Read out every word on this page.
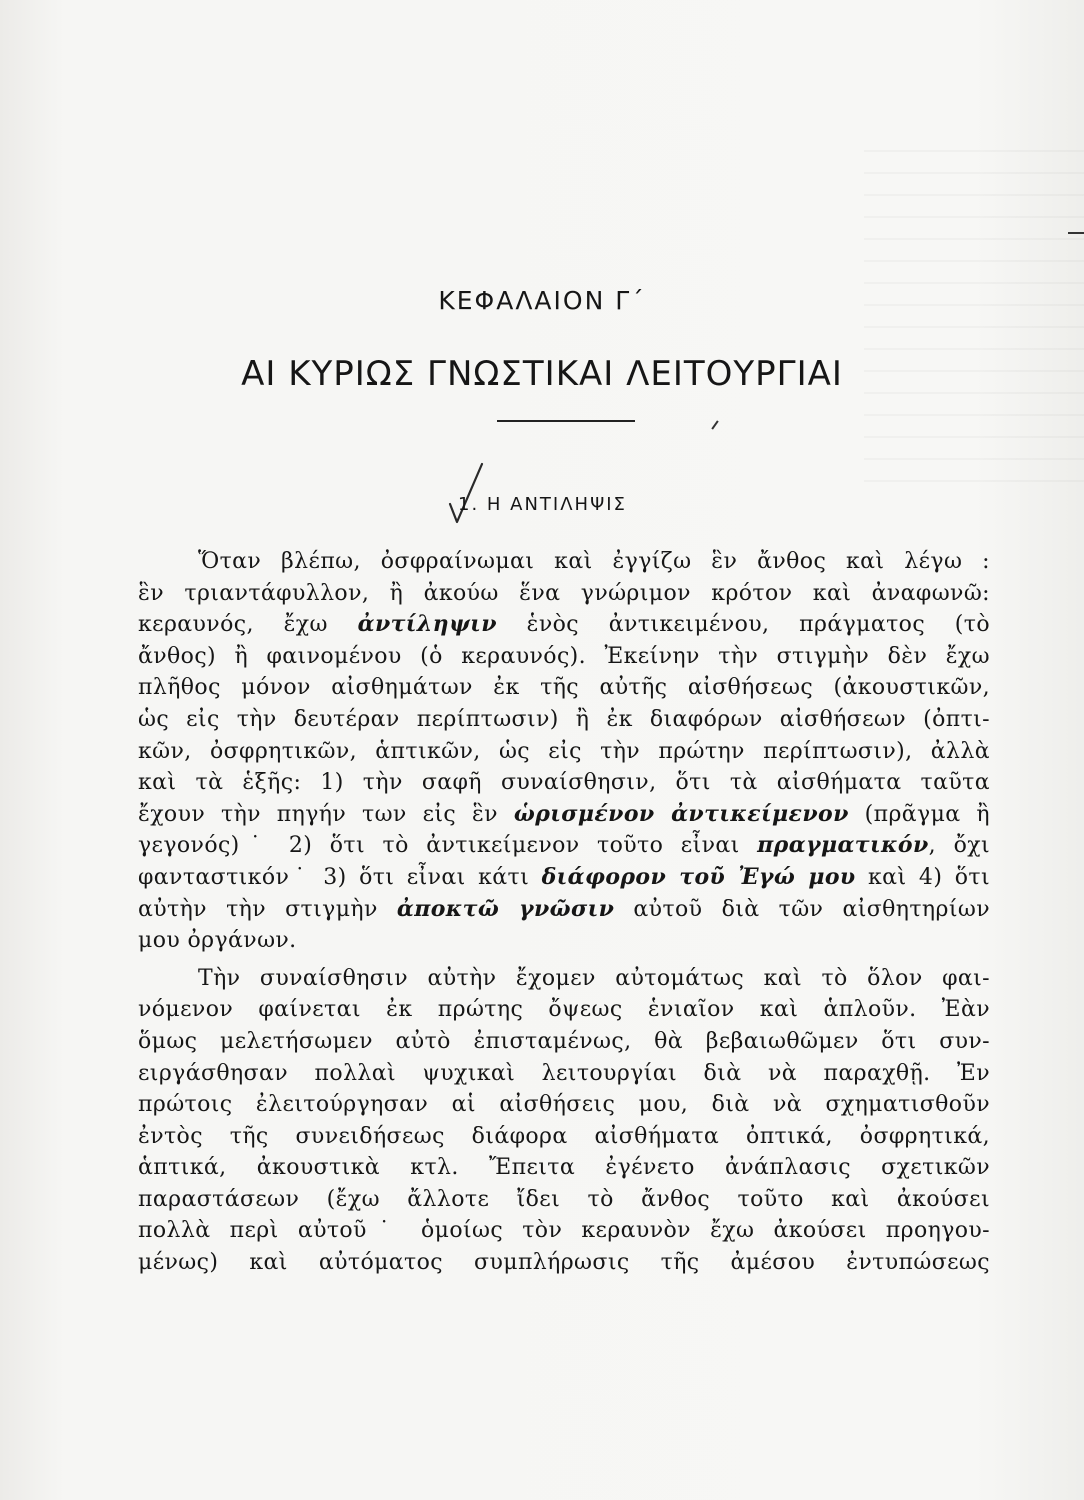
ΚΕΦΑΛΑΙΟΝ Γ΄
ΑΙ ΚΥΡΙΩΣ ΓΝΩΣΤΙΚΑΙ ΛΕΙΤΟΥΡΓΙΑΙ
1. Η ΑΝΤΙΛΗΨΙΣ
Ὅταν βλέπω, ὀσφραίνωμαι καὶ ἐγγίζω ἓν ἄνθος καὶ λέγω :
ἓν τριαντάφυλλον, ἢ ἀκούω ἕνα γνώριμον κρότον καὶ ἀναφωνῶ:
κεραυνός, ἔχω ἀντίληψιν ἑνὸς ἀντικειμένου, πράγματος (τὸ
ἄνθος) ἢ φαινομένου (ὁ κεραυνός). Ἐκείνην τὴν στιγμὴν δὲν ἔχω
πλῆθος μόνον αἰσθημάτων ἐκ τῆς αὐτῆς αἰσθήσεως (ἀκουστικῶν,
ὡς εἰς τὴν δευτέραν περίπτωσιν) ἢ ἐκ διαφόρων αἰσθήσεων (ὀπτι-
κῶν, ὀσφρητικῶν, ἁπτικῶν, ὡς εἰς τὴν πρώτην περίπτωσιν), ἀλλὰ
καὶ τὰ ἑξῆς: 1) τὴν σαφῆ συναίσθησιν, ὅτι τὰ αἰσθήματα ταῦτα
ἔχουν τὴν πηγήν των εἰς ἓν ὡρισμένον ἀντικείμενον (πρᾶγμα ἢ
γεγονός)˙ 2) ὅτι τὸ ἀντικείμενον τοῦτο εἶναι πραγματικόν, ὄχι
φανταστικόν˙ 3) ὅτι εἶναι κάτι διάφορον τοῦ Ἐγώ μου καὶ 4) ὅτι
αὐτὴν τὴν στιγμὴν ἀποκτῶ γνῶσιν αὐτοῦ διὰ τῶν αἰσθητηρίων
μου ὀργάνων.
Τὴν συναίσθησιν αὐτὴν ἔχομεν αὐτομάτως καὶ τὸ ὅλον φαι-
νόμενον φαίνεται ἐκ πρώτης ὄψεως ἑνιαῖον καὶ ἁπλοῦν. Ἐὰν
ὅμως μελετήσωμεν αὐτὸ ἐπισταμένως, θὰ βεβαιωθῶμεν ὅτι συν-
ειργάσθησαν πολλαὶ ψυχικαὶ λειτουργίαι διὰ νὰ παραχθῇ. Ἐν
πρώτοις ἐλειτούργησαν αἱ αἰσθήσεις μου, διὰ νὰ σχηματισθοῦν
ἐντὸς τῆς συνειδήσεως διάφορα αἰσθήματα ὀπτικά, ὀσφρητικά,
ἁπτικά, ἀκουστικὰ κτλ. Ἔπειτα ἐγένετο ἀνάπλασις σχετικῶν
παραστάσεων (ἔχω ἄλλοτε ἴδει τὸ ἄνθος τοῦτο καὶ ἀκούσει
πολλὰ περὶ αὐτοῦ˙ ὁμοίως τὸν κεραυνὸν ἔχω ἀκούσει προηγου-
μένως) καὶ αὐτόματος συμπλήρωσις τῆς ἀμέσου ἐντυπώσεως
